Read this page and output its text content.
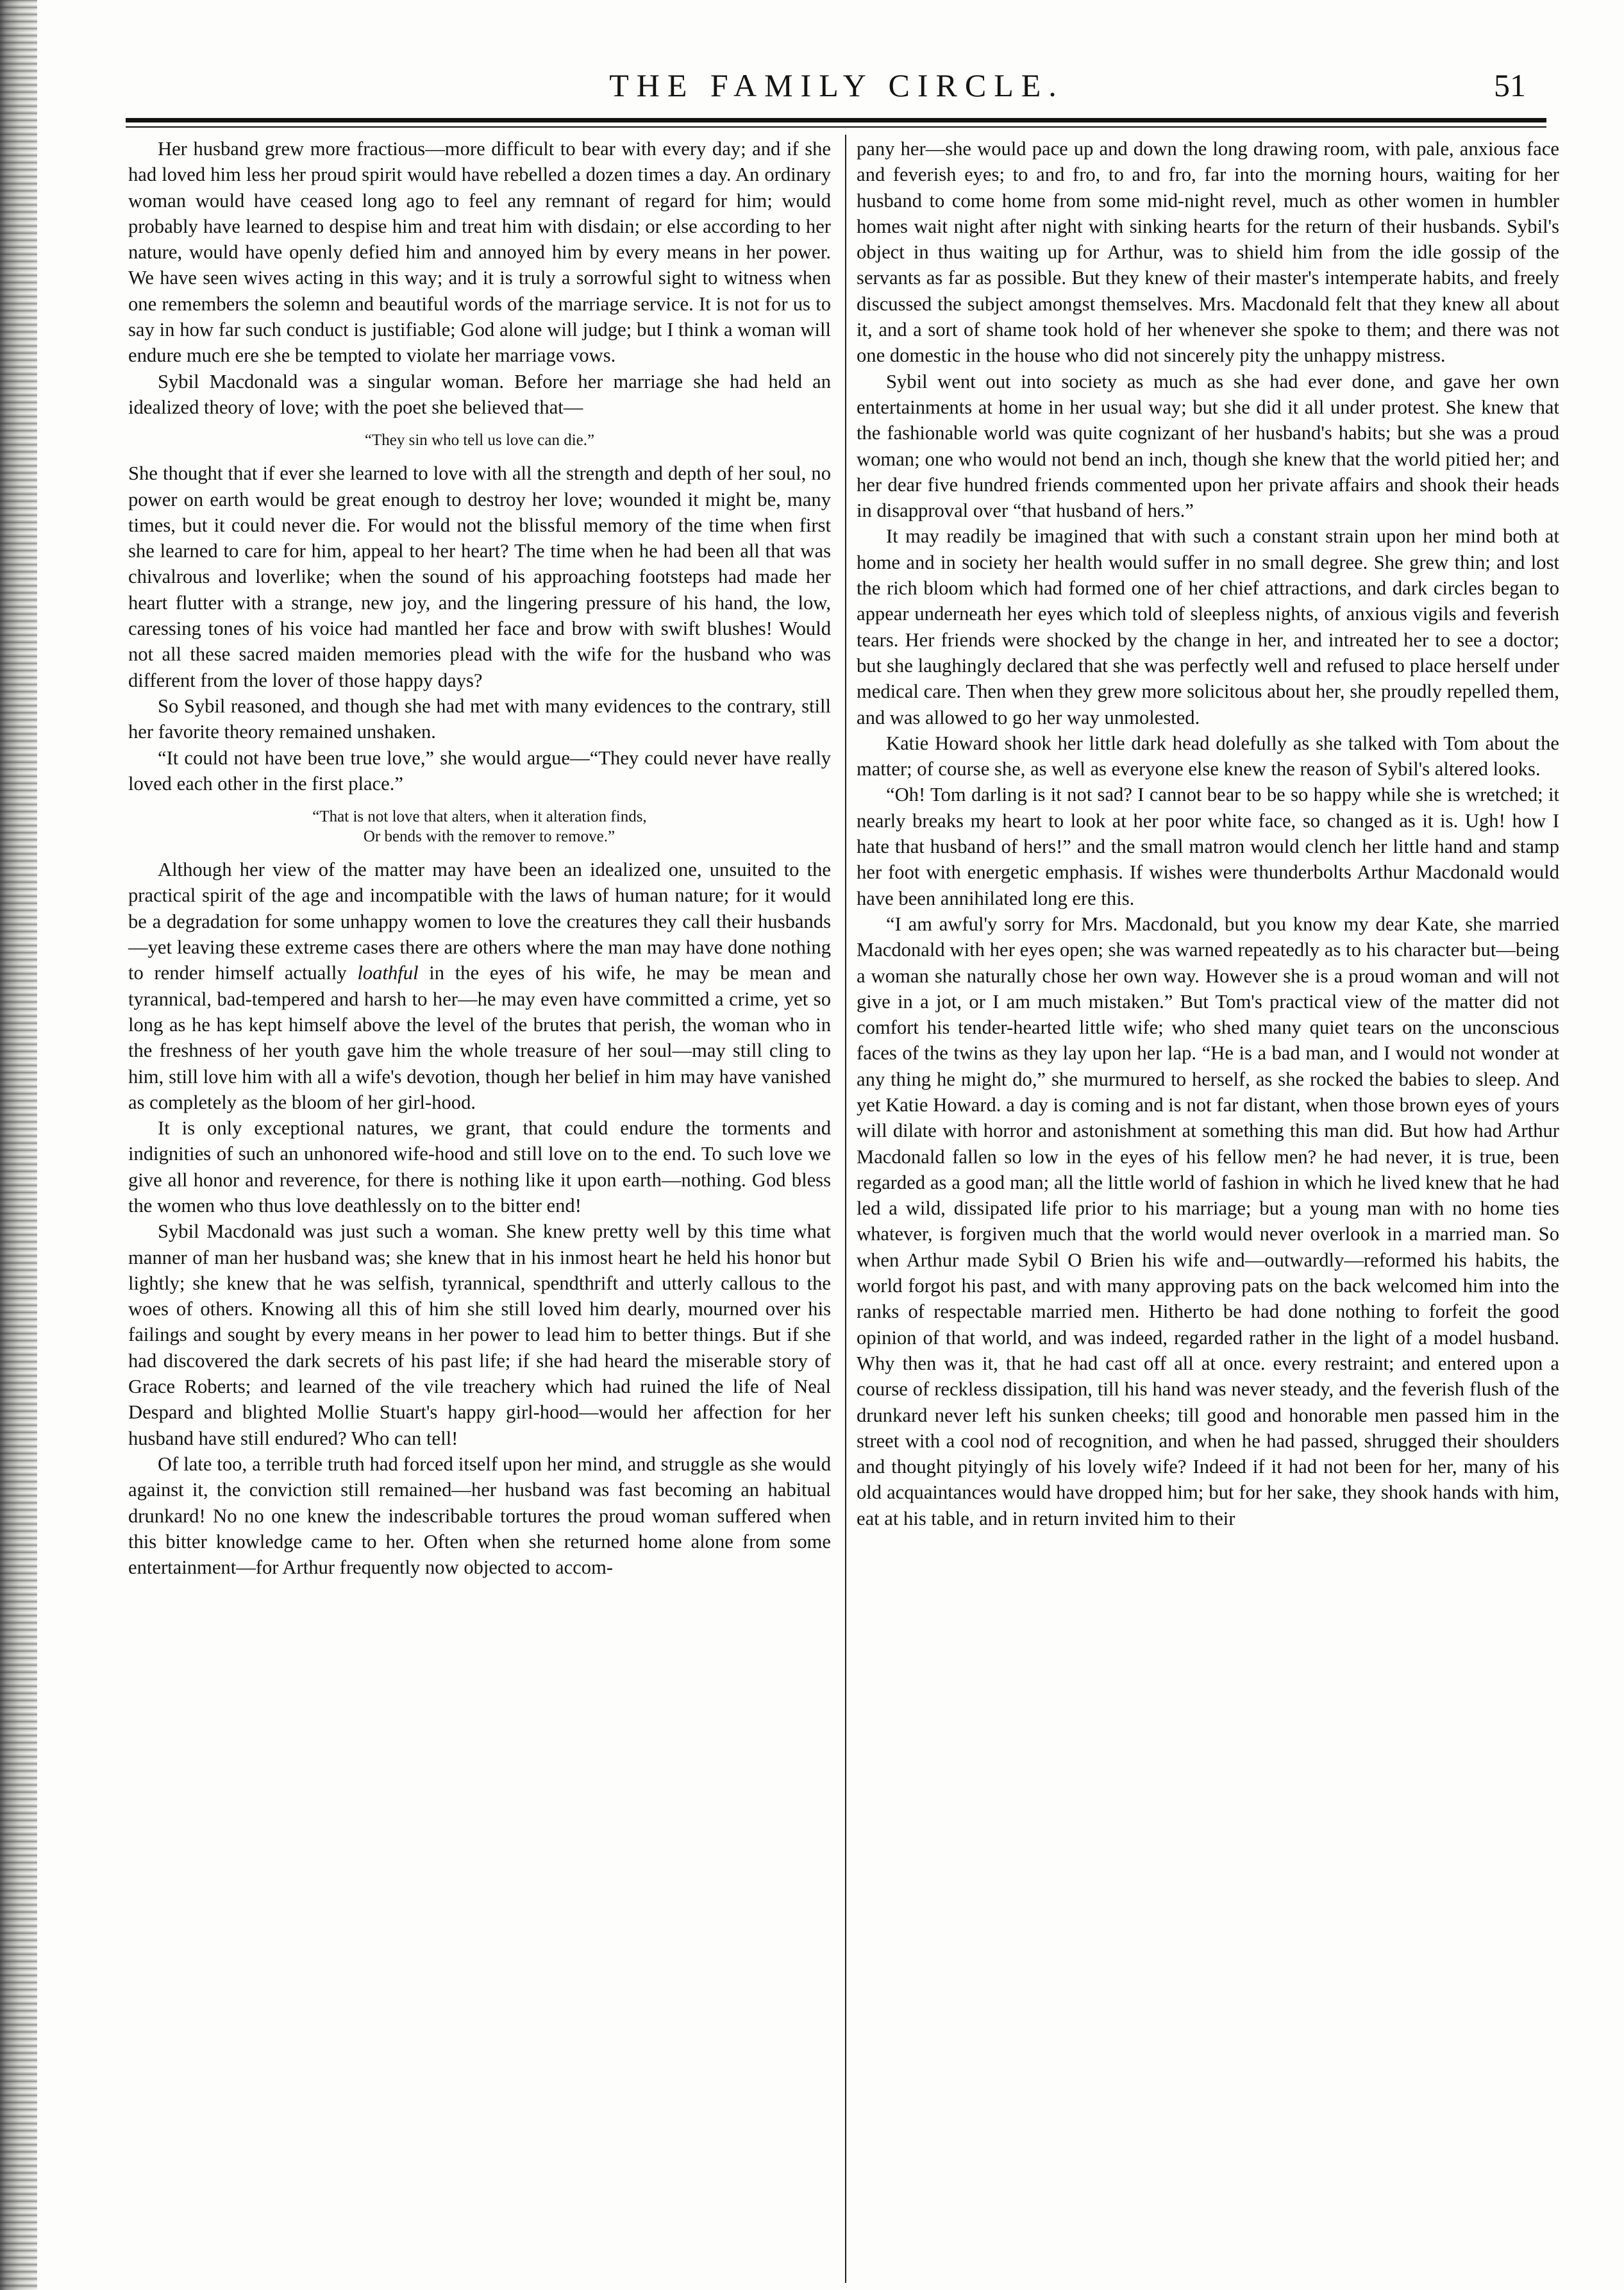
THE FAMILY CIRCLE.	51

Her husband grew more fractious—more difficult to bear with every day; and if she had loved him less her proud spirit would have rebelled a dozen times a day. An ordinary woman would have ceased long ago to feel any remnant of regard for him; would probably have learned to despise him and treat him with disdain; or else according to her nature, would have openly defied him and annoyed him by every means in her power. We have seen wives acting in this way; and it is truly a sorrowful sight to witness when one remembers the solemn and beautiful words of the marriage service. It is not for us to say in how far such conduct is justifiable; God alone will judge; but I think a woman will endure much ere she be tempted to violate her marriage vows.

Sybil Macdonald was a singular woman. Before her marriage she had held an idealized theory of love; with the poet she believed that—

“They sin who tell us love can die.”

She thought that if ever she learned to love with all the strength and depth of her soul, no power on earth would be great enough to destroy her love; wounded it might be, many times, but it could never die. For would not the blissful memory of the time when first she learned to care for him, appeal to her heart? The time when he had been all that was chivalrous and loverlike; when the sound of his approaching footsteps had made her heart flutter with a strange, new joy, and the lingering pressure of his hand, the low, caressing tones of his voice had mantled her face and brow with swift blushes! Would not all these sacred maiden memories plead with the wife for the husband who was different from the lover of those happy days?

So Sybil reasoned, and though she had met with many evidences to the contrary, still her favorite theory remained unshaken.

“It could not have been true love,” she would argue—“They could never have really loved each other in the first place.”

“That is not love that alters, when it alteration finds,
Or bends with the remover to remove.”

Although her view of the matter may have been an idealized one, unsuited to the practical spirit of the age and incompatible with the laws of human nature; for it would be a degradation for some unhappy women to love the creatures they call their husbands—yet leaving these extreme cases there are others where the man may have done nothing to render himself actually loathful in the eyes of his wife, he may be mean and tyrannical, bad-tempered and harsh to her—he may even have committed a crime, yet so long as he has kept himself above the level of the brutes that perish, the woman who in the freshness of her youth gave him the whole treasure of her soul—may still cling to him, still love him with all a wife's devotion, though her belief in him may have vanished as completely as the bloom of her girl-hood.

It is only exceptional natures, we grant, that could endure the torments and indignities of such an unhonored wife-hood and still love on to the end. To such love we give all honor and reverence, for there is nothing like it upon earth—nothing. God bless the women who thus love deathlessly on to the bitter end!

Sybil Macdonald was just such a woman. She knew pretty well by this time what manner of man her husband was; she knew that in his inmost heart he held his honor but lightly; she knew that he was selfish, tyrannical, spendthrift and utterly callous to the woes of others. Knowing all this of him she still loved him dearly, mourned over his failings and sought by every means in her power to lead him to better things. But if she had discovered the dark secrets of his past life; if she had heard the miserable story of Grace Roberts; and learned of the vile treachery which had ruined the life of Neal Despard and blighted Mollie Stuart's happy girl-hood—would her affection for her husband have still endured? Who can tell!

Of late too, a terrible truth had forced itself upon her mind, and struggle as she would against it, the conviction still remained—her husband was fast becoming an habitual drunkard! No no one knew the indescribable tortures the proud woman suffered when this bitter knowledge came to her. Often when she returned home alone from some entertainment—for Arthur frequently now objected to accom-

pany her—she would pace up and down the long drawing room, with pale, anxious face and feverish eyes; to and fro, to and fro, far into the morning hours, waiting for her husband to come home from some mid-night revel, much as other women in humbler homes wait night after night with sinking hearts for the return of their husbands. Sybil's object in thus waiting up for Arthur, was to shield him from the idle gossip of the servants as far as possible. But they knew of their master's intemperate habits, and freely discussed the subject amongst themselves. Mrs. Macdonald felt that they knew all about it, and a sort of shame took hold of her whenever she spoke to them; and there was not one domestic in the house who did not sincerely pity the unhappy mistress.

Sybil went out into society as much as she had ever done, and gave her own entertainments at home in her usual way; but she did it all under protest. She knew that the fashionable world was quite cognizant of her husband's habits; but she was a proud woman; one who would not bend an inch, though she knew that the world pitied her; and her dear five hundred friends commented upon her private affairs and shook their heads in disapproval over “that husband of hers.”

It may readily be imagined that with such a constant strain upon her mind both at home and in society her health would suffer in no small degree. She grew thin; and lost the rich bloom which had formed one of her chief attractions, and dark circles began to appear underneath her eyes which told of sleepless nights, of anxious vigils and feverish tears. Her friends were shocked by the change in her, and intreated her to see a doctor; but she laughingly declared that she was perfectly well and refused to place herself under medical care. Then when they grew more solicitous about her, she proudly repelled them, and was allowed to go her way unmolested.

Katie Howard shook her little dark head dolefully as she talked with Tom about the matter; of course she, as well as everyone else knew the reason of Sybil's altered looks.

“Oh! Tom darling is it not sad? I cannot bear to be so happy while she is wretched; it nearly breaks my heart to look at her poor white face, so changed as it is. Ugh! how I hate that husband of hers!” and the small matron would clench her little hand and stamp her foot with energetic emphasis. If wishes were thunderbolts Arthur Macdonald would have been annihilated long ere this.

“I am awful'y sorry for Mrs. Macdonald, but you know my dear Kate, she married Macdonald with her eyes open; she was warned repeatedly as to his character but—being a woman she naturally chose her own way. However she is a proud woman and will not give in a jot, or I am much mistaken.” But Tom's practical view of the matter did not comfort his tender-hearted little wife; who shed many quiet tears on the unconscious faces of the twins as they lay upon her lap. “He is a bad man, and I would not wonder at any thing he might do,” she murmured to herself, as she rocked the babies to sleep. And yet Katie Howard. a day is coming and is not far distant, when those brown eyes of yours will dilate with horror and astonishment at something this man did. But how had Arthur Macdonald fallen so low in the eyes of his fellow men? he had never, it is true, been regarded as a good man; all the little world of fashion in which he lived knew that he had led a wild, dissipated life prior to his marriage; but a young man with no home ties whatever, is forgiven much that the world would never overlook in a married man. So when Arthur made Sybil O Brien his wife and—outwardly—reformed his habits, the world forgot his past, and with many approving pats on the back welcomed him into the ranks of respectable married men. Hitherto be had done nothing to forfeit the good opinion of that world, and was indeed, regarded rather in the light of a model husband. Why then was it, that he had cast off all at once. every restraint; and entered upon a course of reckless dissipation, till his hand was never steady, and the feverish flush of the drunkard never left his sunken cheeks; till good and honorable men passed him in the street with a cool nod of recognition, and when he had passed, shrugged their shoulders and thought pityingly of his lovely wife? Indeed if it had not been for her, many of his old acquaintances would have dropped him; but for her sake, they shook hands with him, eat at his table, and in return invited him to their
